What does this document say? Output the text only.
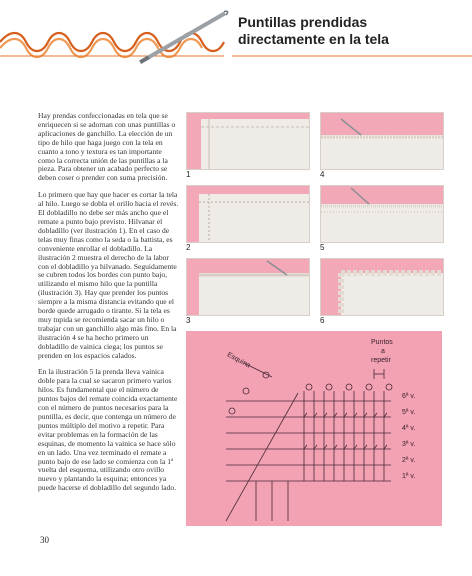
Puntillas prendidas
directamente en la tela

Hay prendas confeccionadas en tela que se enriquecen si se adornan con unas puntillas o aplicaciones de ganchillo. La elección de un tipo de hilo que haga juego con la tela en cuanto a tono y textura es tan importante como la correcta unión de las puntillas a la pieza. Para obtener un acabado perfecto se deben coser o prender con suma precisión.

Lo primero que hay que hacer es cortar la tela al hilo. Luego se dobla el orillo hacia el revés. El dobladillo no debe ser más ancho que el remate a punto bajo previsto. Hilvanar el dobladillo (ver ilustración 1). En el caso de telas muy finas como la seda o la battista, es conveniente enrollar el dobladillo. La ilustración 2 muestra el derecho de la labor con el dobladillo ya hilvanado. Seguidamente se cubren todos los bordes con punto bajo, utilizando el mismo hilo que la puntilla (ilustración 3). Hay que prender los puntos siempre a la misma distancia evitando que el borde quede arrugado o tirante. Si la tela es muy tupida se recomienda sacar un hilo o trabajar con un ganchillo algo más fino. En la ilustración 4 se ha hecho primero un dobladillo de vainica ciega; los puntos se prenden en los espacios calados.

En la ilustración 5 la prenda lleva vainica doble para la cual se sacaron primero varios hilos. Es fundamental que el número de puntos bajos del remate coincida exactamente con el número de puntos necesarios para la puntilla, es decir, que contenga un número de puntos múltiplo del motivo a repetir. Para evitar problemas en la formación de las esquinas, de momento la vainica se hace sólo en un lado. Una vez terminado el remate a punto bajo de ese lado se comienza con la 1ª vuelta del esquema, utilizando otro ovillo nuevo y plantando la esquina; entonces ya puede hacerse el dobladillo del segundo lado.

1
2
3
4
5
6
Esquina
Puntos
a
repetir
6ª v.
5ª v.
4ª v.
3ª v.
2ª v.
1ª v.
30
